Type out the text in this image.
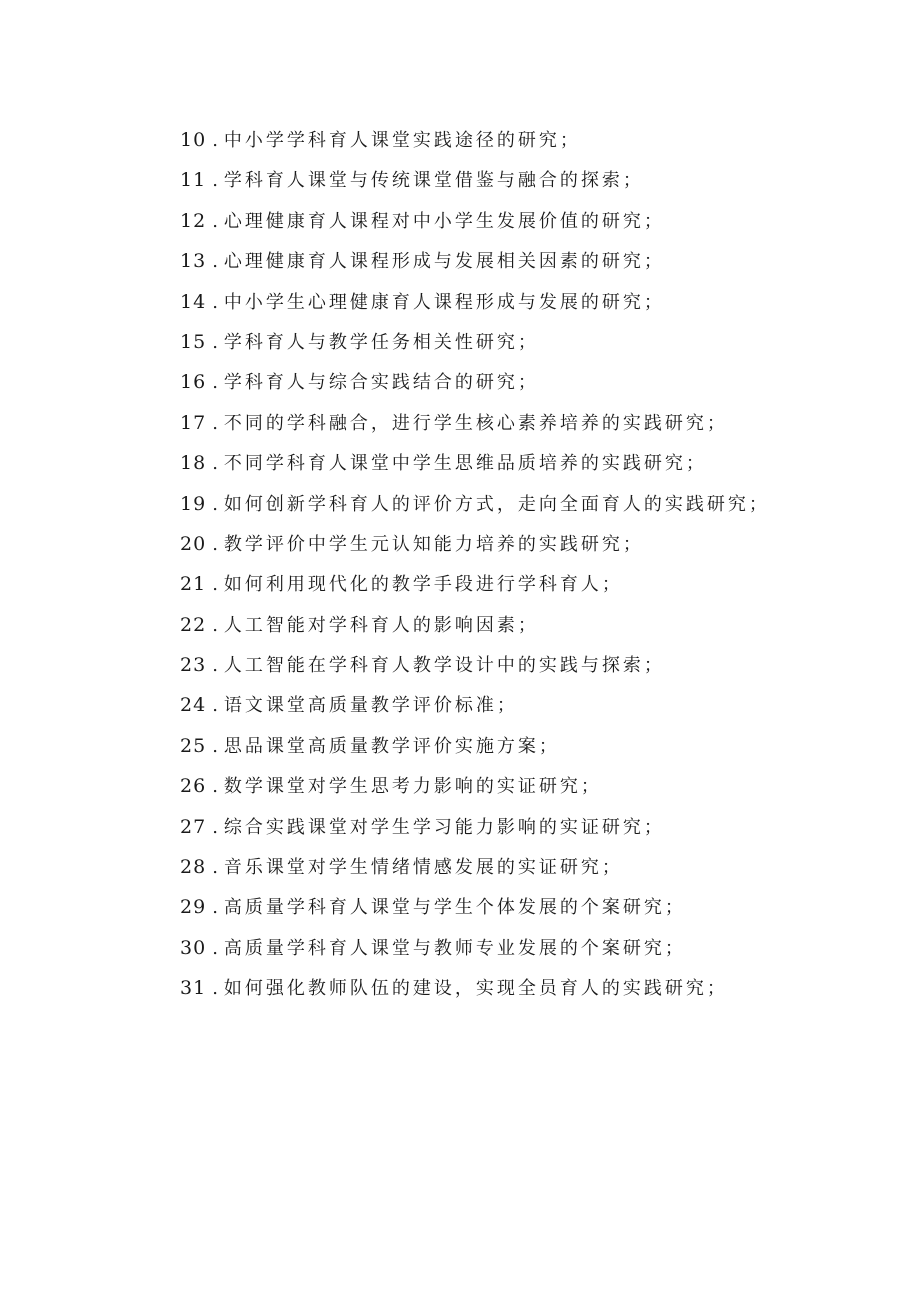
10 . 中小学学科育人课堂实践途径的研究；
11 . 学科育人课堂与传统课堂借鉴与融合的探索；
12 . 心理健康育人课程对中小学生发展价值的研究；
13 . 心理健康育人课程形成与发展相关因素的研究；
14 . 中小学生心理健康育人课程形成与发展的研究；
15 . 学科育人与教学任务相关性研究；
16 . 学科育人与综合实践结合的研究；
17 . 不同的学科融合，进行学生核心素养培养的实践研究；
18 . 不同学科育人课堂中学生思维品质培养的实践研究；
19 . 如何创新学科育人的评价方式，走向全面育人的实践研究；
20 . 教学评价中学生元认知能力培养的实践研究；
21 . 如何利用现代化的教学手段进行学科育人；
22 . 人工智能对学科育人的影响因素；
23 . 人工智能在学科育人教学设计中的实践与探索；
24 . 语文课堂高质量教学评价标准；
25 . 思品课堂高质量教学评价实施方案；
26 . 数学课堂对学生思考力影响的实证研究；
27 . 综合实践课堂对学生学习能力影响的实证研究；
28 . 音乐课堂对学生情绪情感发展的实证研究；
29 . 高质量学科育人课堂与学生个体发展的个案研究；
30 . 高质量学科育人课堂与教师专业发展的个案研究；
31 . 如何强化教师队伍的建设，实现全员育人的实践研究；
